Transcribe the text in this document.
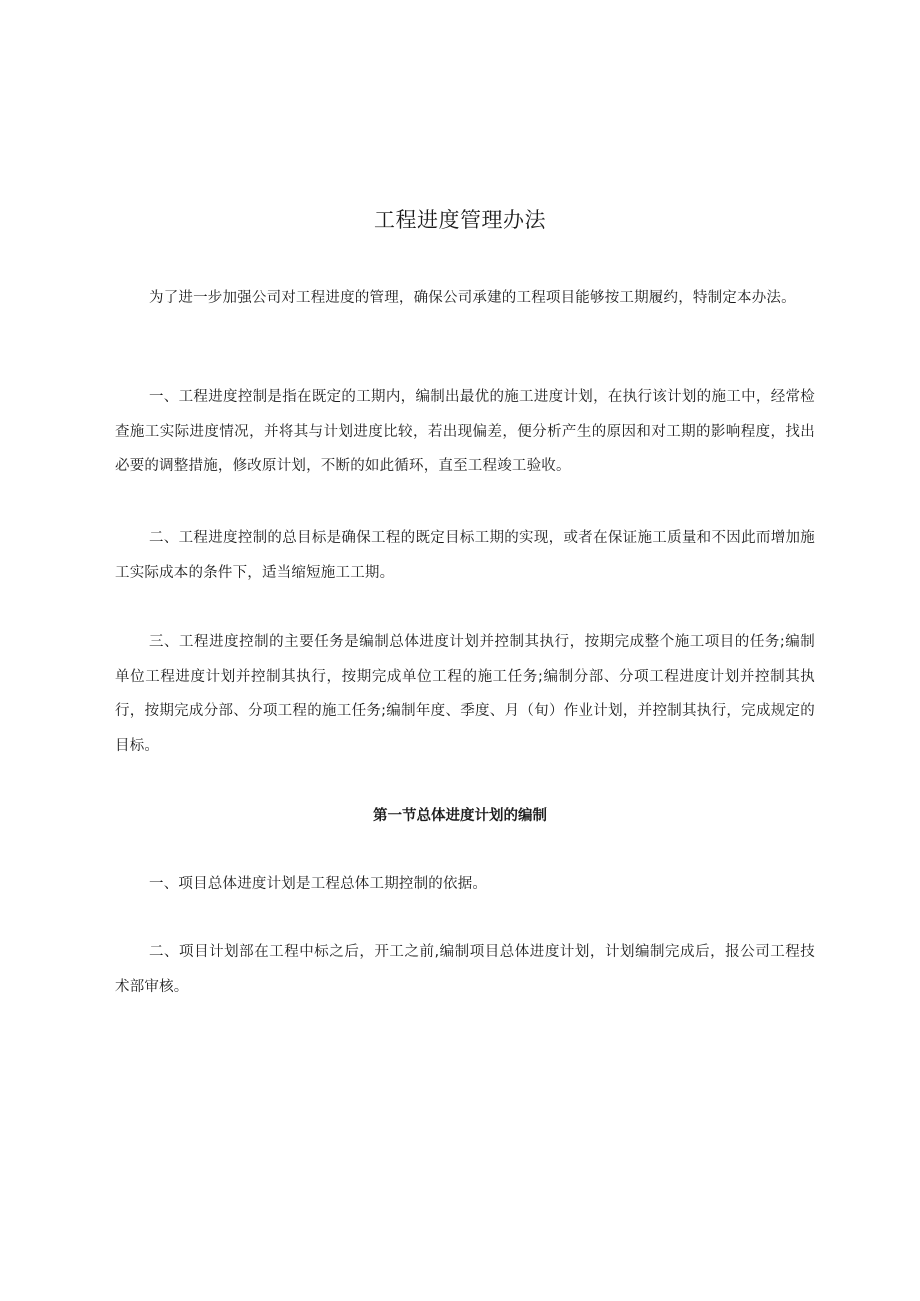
工程进度管理办法

为了进一步加强公司对工程进度的管理，确保公司承建的工程项目能够按工期履约，特制定本办法。

一、工程进度控制是指在既定的工期内，编制出最优的施工进度计划，在执行该计划的施工中，经常检查施工实际进度情况，并将其与计划进度比较，若出现偏差，便分析产生的原因和对工期的影响程度，找出必要的调整措施，修改原计划，不断的如此循环，直至工程竣工验收。

二、工程进度控制的总目标是确保工程的既定目标工期的实现，或者在保证施工质量和不因此而增加施工实际成本的条件下，适当缩短施工工期。

三、工程进度控制的主要任务是编制总体进度计划并控制其执行，按期完成整个施工项目的任务;编制单位工程进度计划并控制其执行，按期完成单位工程的施工任务;编制分部、分项工程进度计划并控制其执行，按期完成分部、分项工程的施工任务;编制年度、季度、月（旬）作业计划，并控制其执行，完成规定的目标。

第一节总体进度计划的编制

一、项目总体进度计划是工程总体工期控制的依据。

二、项目计划部在工程中标之后，开工之前,编制项目总体进度计划，计划编制完成后，报公司工程技术部审核。
